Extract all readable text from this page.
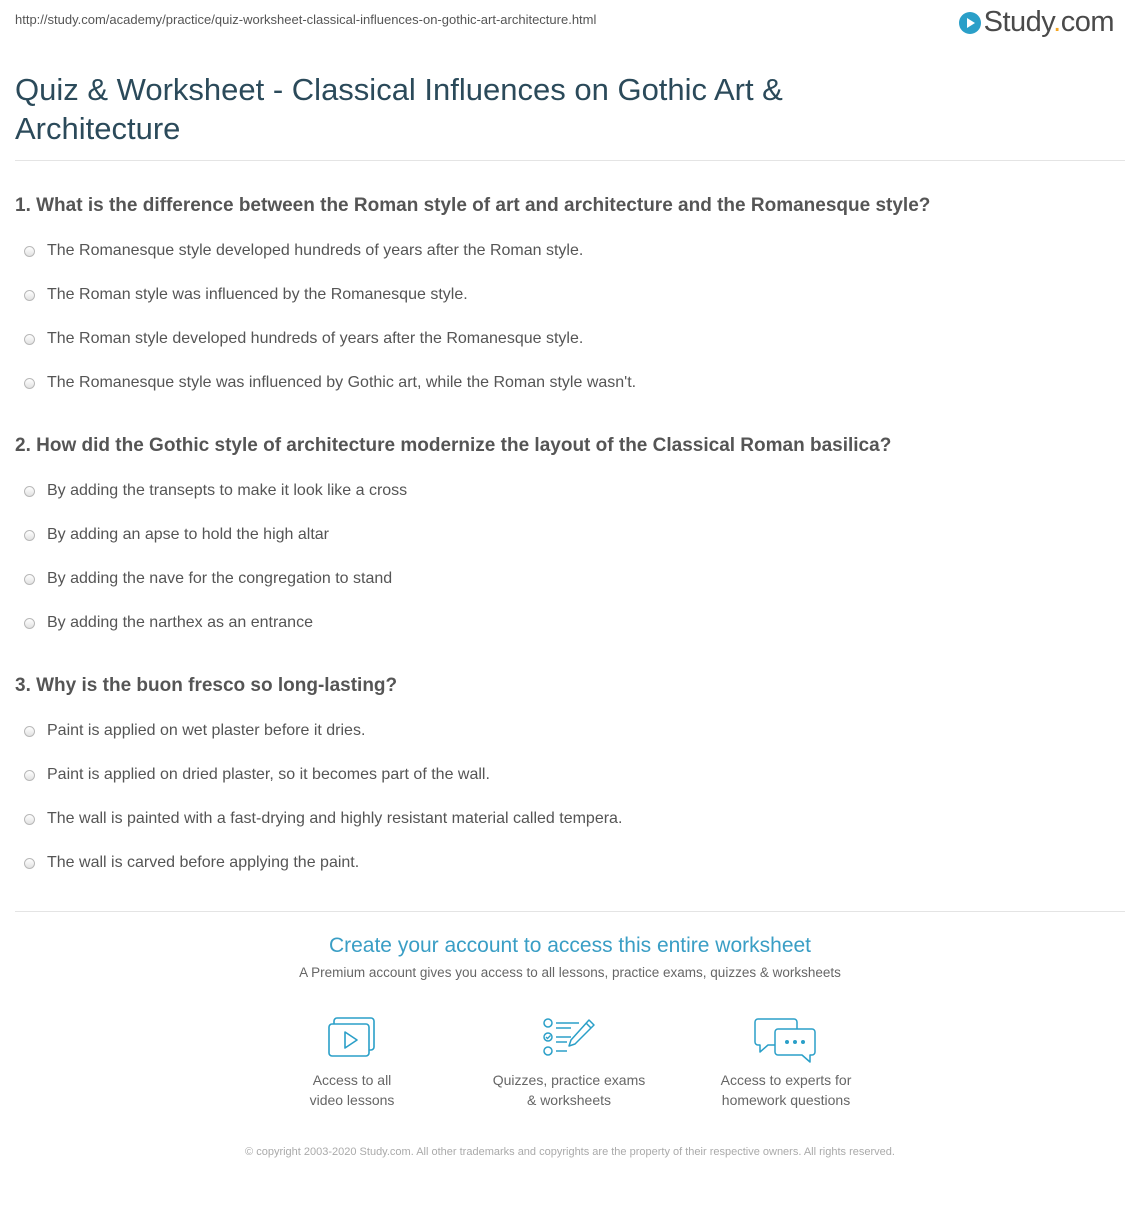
http://study.com/academy/practice/quiz-worksheet-classical-influences-on-gothic-art-architecture.html	Study.com
Quiz & Worksheet - Classical Influences on Gothic Art & Architecture
1. What is the difference between the Roman style of art and architecture and the Romanesque style?
The Romanesque style developed hundreds of years after the Roman style.
The Roman style was influenced by the Romanesque style.
The Roman style developed hundreds of years after the Romanesque style.
The Romanesque style was influenced by Gothic art, while the Roman style wasn't.
2. How did the Gothic style of architecture modernize the layout of the Classical Roman basilica?
By adding the transepts to make it look like a cross
By adding an apse to hold the high altar
By adding the nave for the congregation to stand
By adding the narthex as an entrance
3. Why is the buon fresco so long-lasting?
Paint is applied on wet plaster before it dries.
Paint is applied on dried plaster, so it becomes part of the wall.
The wall is painted with a fast-drying and highly resistant material called tempera.
The wall is carved before applying the paint.
Create your account to access this entire worksheet
A Premium account gives you access to all lessons, practice exams, quizzes & worksheets
Access to all
video lessons
Quizzes, practice exams
& worksheets
Access to experts for
homework questions
© copyright 2003-2020 Study.com. All other trademarks and copyrights are the property of their respective owners. All rights reserved.
